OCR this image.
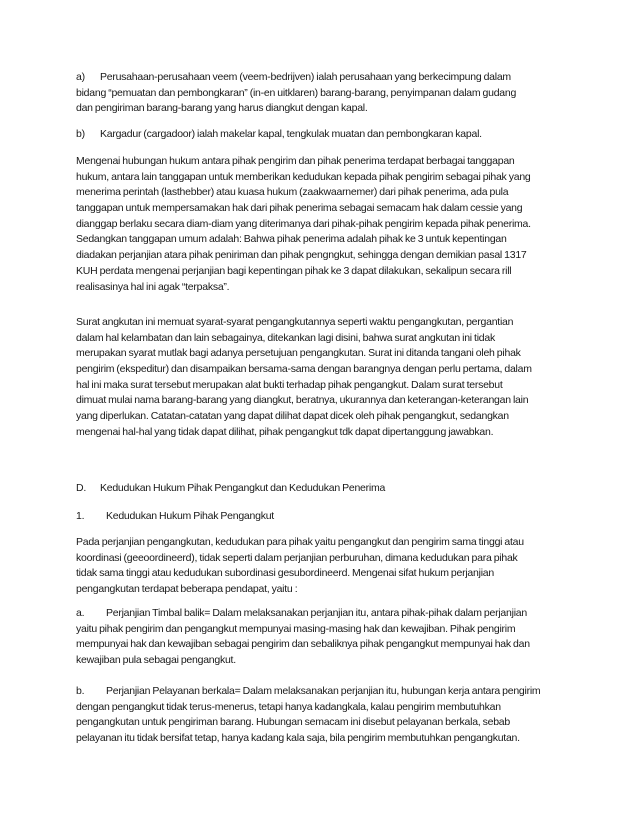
a) Perusahaan-perusahaan veem (veem-bedrijven) ialah perusahaan yang berkecimpung dalam
bidang “pemuatan dan pembongkaran” (in-en uitklaren) barang-barang, penyimpanan dalam gudang
dan pengiriman barang-barang yang harus diangkut dengan kapal.
b) Kargadur (cargadoor) ialah makelar kapal, tengkulak muatan dan pembongkaran kapal.
Mengenai hubungan hukum antara pihak pengirim dan pihak penerima terdapat berbagai tanggapan
hukum, antara lain tanggapan untuk memberikan kedudukan kepada pihak pengirim sebagai pihak yang
menerima perintah (lasthebber) atau kuasa hukum (zaakwaarnemer) dari pihak penerima, ada pula
tanggapan untuk mempersamakan hak dari pihak penerima sebagai semacam hak dalam cessie yang
dianggap berlaku secara diam-diam yang diterimanya dari pihak-pihak pengirim kepada pihak penerima.
Sedangkan tanggapan umum adalah: Bahwa pihak penerima adalah pihak ke 3 untuk kepentingan
diadakan perjanjian atara pihak peniriman dan pihak pengngkut, sehingga dengan demikian pasal 1317
KUH perdata mengenai perjanjian bagi kepentingan pihak ke 3 dapat dilakukan, sekalipun secara rill
realisasinya hal ini agak “terpaksa”.
Surat angkutan ini memuat syarat-syarat pengangkutannya seperti waktu pengangkutan, pergantian
dalam hal kelambatan dan lain sebagainya, ditekankan lagi disini, bahwa surat angkutan ini tidak
merupakan syarat mutlak bagi adanya persetujuan pengangkutan. Surat ini ditanda tangani oleh pihak
pengirim (ekspeditur) dan disampaikan bersama-sama dengan barangnya dengan perlu pertama, dalam
hal ini maka surat tersebut merupakan alat bukti terhadap pihak pengangkut. Dalam surat tersebut
dimuat mulai nama barang-barang yang diangkut, beratnya, ukurannya dan keterangan-keterangan lain
yang diperlukan. Catatan-catatan yang dapat dilihat dapat dicek oleh pihak pengangkut, sedangkan
mengenai hal-hal yang tidak dapat dilihat, pihak pengangkut tdk dapat dipertanggung jawabkan.
D. Kedudukan Hukum Pihak Pengangkut dan Kedudukan Penerima
1. Kedudukan Hukum Pihak Pengangkut
Pada perjanjian pengangkutan, kedudukan para pihak yaitu pengangkut dan pengirim sama tinggi atau
koordinasi (geeoordineerd), tidak seperti dalam perjanjian perburuhan, dimana kedudukan para pihak
tidak sama tinggi atau kedudukan subordinasi gesubordineerd. Mengenai sifat hukum perjanjian
pengangkutan terdapat beberapa pendapat, yaitu :
a. Perjanjian Timbal balik= Dalam melaksanakan perjanjian itu, antara pihak-pihak dalam perjanjian
yaitu pihak pengirim dan pengangkut mempunyai masing-masing hak dan kewajiban. Pihak pengirim
mempunyai hak dan kewajiban sebagai pengirim dan sebaliknya pihak pengangkut mempunyai hak dan
kewajiban pula sebagai pengangkut.
b. Perjanjian Pelayanan berkala= Dalam melaksanakan perjanjian itu, hubungan kerja antara pengirim
dengan pengangkut tidak terus-menerus, tetapi hanya kadangkala, kalau pengirim membutuhkan
pengangkutan untuk pengiriman barang. Hubungan semacam ini disebut pelayanan berkala, sebab
pelayanan itu tidak bersifat tetap, hanya kadang kala saja, bila pengirim membutuhkan pengangkutan.
